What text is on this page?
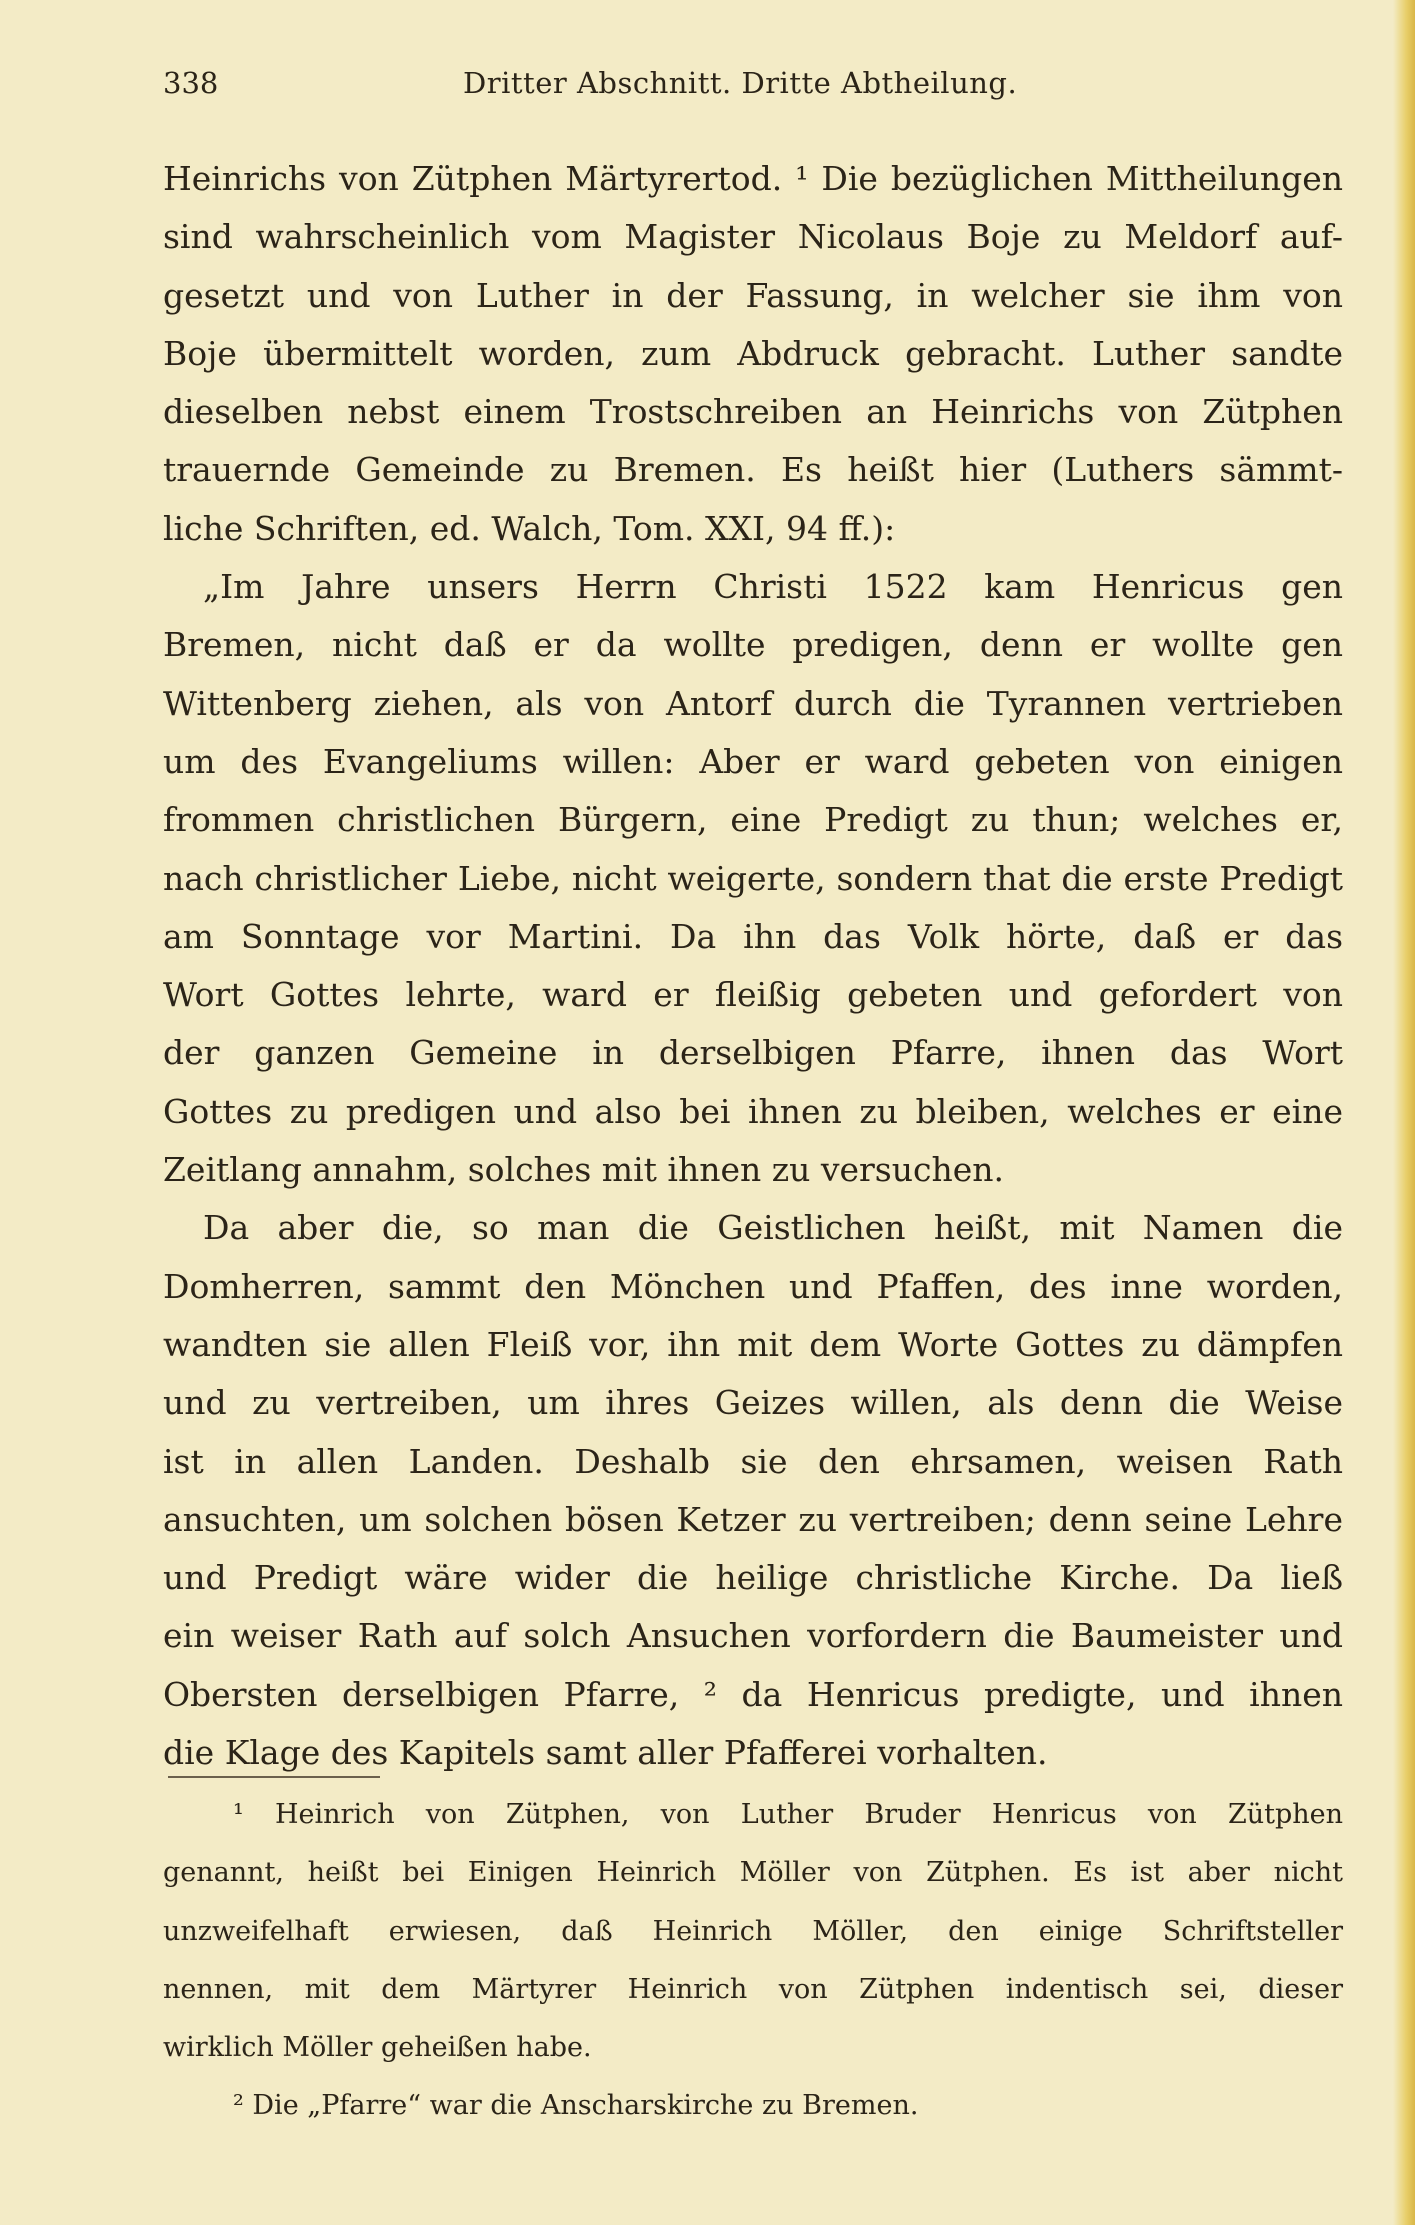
338	Dritter Abschnitt. Dritte Abtheilung.
Heinrichs von Zütphen Märtyrertod. ¹ Die bezüglichen Mittheilungen
sind wahrscheinlich vom Magister Nicolaus Boje zu Meldorf auf-
gesetzt und von Luther in der Fassung, in welcher sie ihm von
Boje übermittelt worden, zum Abdruck gebracht. Luther sandte
dieselben nebst einem Trostschreiben an Heinrichs von Zütphen
trauernde Gemeinde zu Bremen. Es heißt hier (Luthers sämmt-
liche Schriften, ed. Walch, Tom. XXI, 94 ff.):
„Im Jahre unsers Herrn Christi 1522 kam Henricus gen
Bremen, nicht daß er da wollte predigen, denn er wollte gen
Wittenberg ziehen, als von Antorf durch die Tyrannen vertrieben
um des Evangeliums willen: Aber er ward gebeten von einigen
frommen christlichen Bürgern, eine Predigt zu thun; welches er,
nach christlicher Liebe, nicht weigerte, sondern that die erste Predigt
am Sonntage vor Martini. Da ihn das Volk hörte, daß er das
Wort Gottes lehrte, ward er fleißig gebeten und gefordert von
der ganzen Gemeine in derselbigen Pfarre, ihnen das Wort
Gottes zu predigen und also bei ihnen zu bleiben, welches er eine
Zeitlang annahm, solches mit ihnen zu versuchen.
Da aber die, so man die Geistlichen heißt, mit Namen die
Domherren, sammt den Mönchen und Pfaffen, des inne worden,
wandten sie allen Fleiß vor, ihn mit dem Worte Gottes zu dämpfen
und zu vertreiben, um ihres Geizes willen, als denn die Weise
ist in allen Landen. Deshalb sie den ehrsamen, weisen Rath
ansuchten, um solchen bösen Ketzer zu vertreiben; denn seine Lehre
und Predigt wäre wider die heilige christliche Kirche. Da ließ
ein weiser Rath auf solch Ansuchen vorfordern die Baumeister und
Obersten derselbigen Pfarre, ² da Henricus predigte, und ihnen
die Klage des Kapitels samt aller Pfafferei vorhalten.
¹ Heinrich von Zütphen, von Luther Bruder Henricus von Zütphen
genannt, heißt bei Einigen Heinrich Möller von Zütphen. Es ist aber nicht
unzweifelhaft erwiesen, daß Heinrich Möller, den einige Schriftsteller
nennen, mit dem Märtyrer Heinrich von Zütphen indentisch sei, dieser
wirklich Möller geheißen habe.
² Die „Pfarre“ war die Anscharskirche zu Bremen.
